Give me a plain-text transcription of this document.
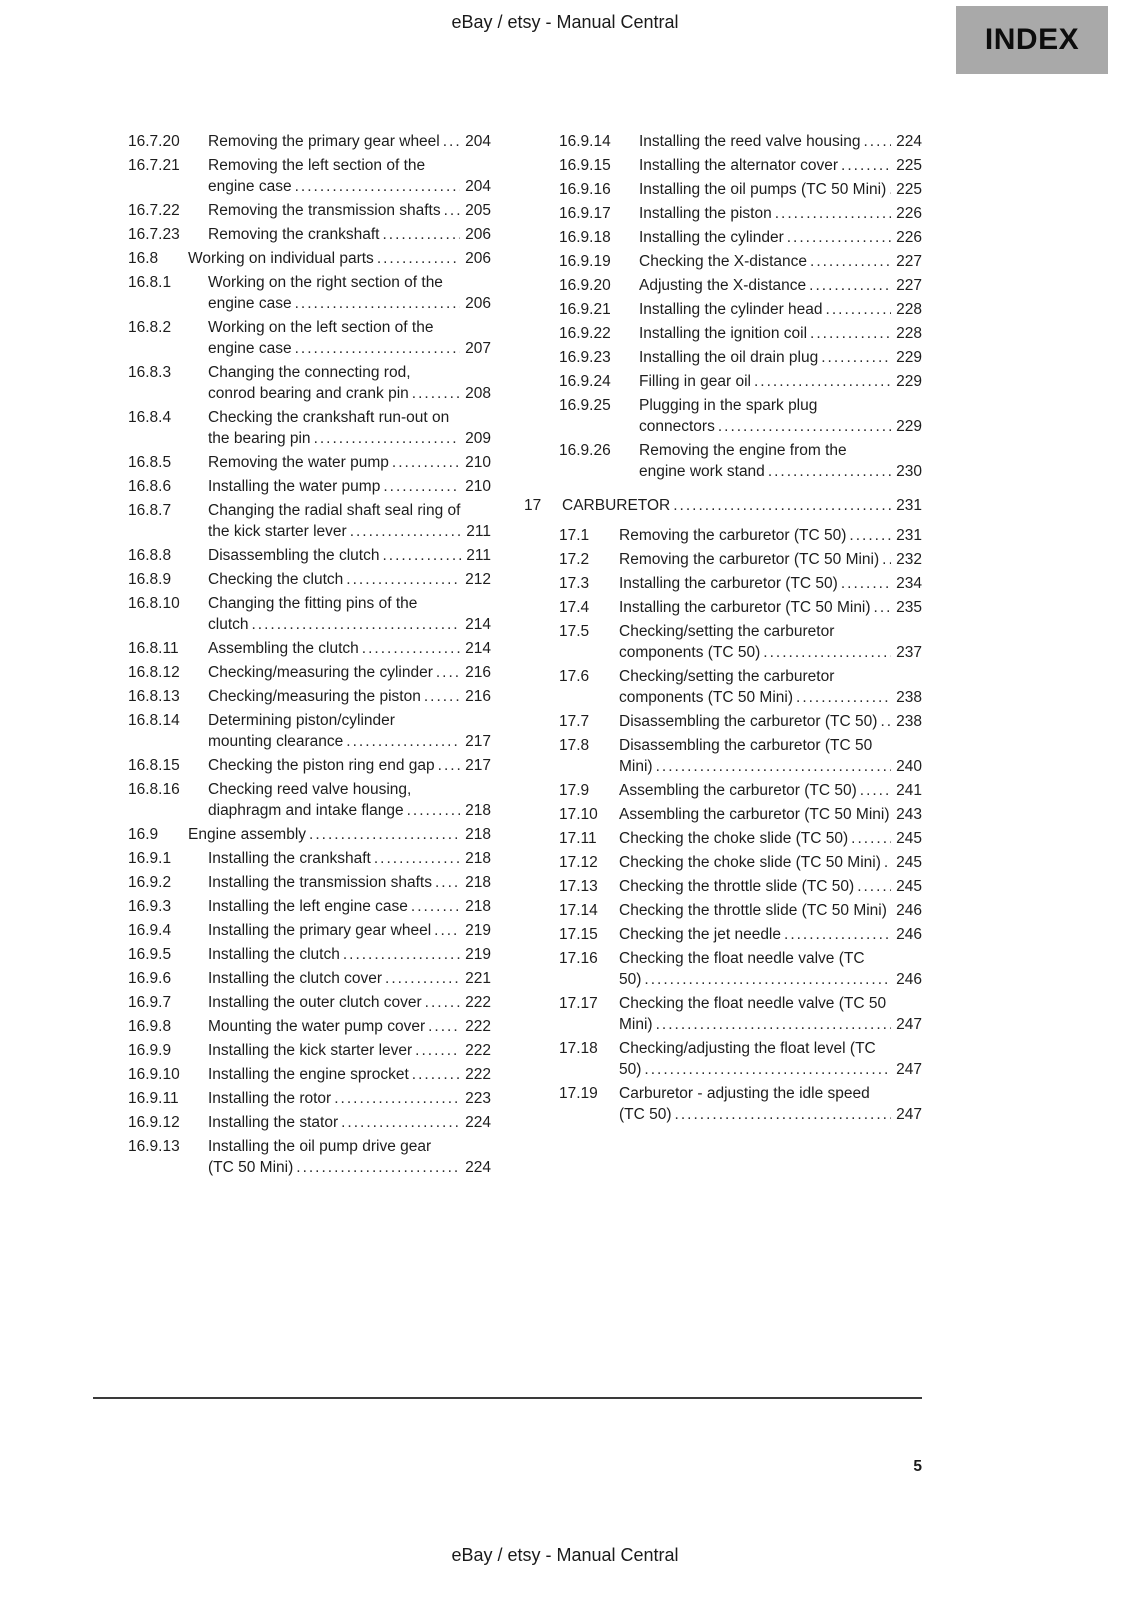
eBay / etsy - Manual Central
INDEX
16.7.20	Removing the primary gear wheel .....	204
16.7.21	Removing the left section of the engine case .....	204
16.7.22	Removing the transmission shafts .....	205
16.7.23	Removing the crankshaft .....	206
16.8	Working on individual parts .....	206
16.8.1	Working on the right section of the engine case .....	206
16.8.2	Working on the left section of the engine case .....	207
16.8.3	Changing the connecting rod, conrod bearing and crank pin .....	208
16.8.4	Checking the crankshaft run-out on the bearing pin .....	209
16.8.5	Removing the water pump .....	210
16.8.6	Installing the water pump .....	210
16.8.7	Changing the radial shaft seal ring of the kick starter lever .....	211
16.8.8	Disassembling the clutch .....	211
16.8.9	Checking the clutch .....	212
16.8.10	Changing the fitting pins of the clutch .....	214
16.8.11	Assembling the clutch .....	214
16.8.12	Checking/measuring the cylinder .....	216
16.8.13	Checking/measuring the piston .....	216
16.8.14	Determining piston/cylinder mounting clearance .....	217
16.8.15	Checking the piston ring end gap .....	217
16.8.16	Checking reed valve housing, diaphragm and intake flange .....	218
16.9	Engine assembly .....	218
16.9.1	Installing the crankshaft .....	218
16.9.2	Installing the transmission shafts .....	218
16.9.3	Installing the left engine case .....	218
16.9.4	Installing the primary gear wheel .....	219
16.9.5	Installing the clutch .....	219
16.9.6	Installing the clutch cover .....	221
16.9.7	Installing the outer clutch cover .....	222
16.9.8	Mounting the water pump cover .....	222
16.9.9	Installing the kick starter lever .....	222
16.9.10	Installing the engine sprocket .....	222
16.9.11	Installing the rotor .....	223
16.9.12	Installing the stator .....	224
16.9.13	Installing the oil pump drive gear (TC 50 Mini) .....	224
16.9.14	Installing the reed valve housing .....	224
16.9.15	Installing the alternator cover .....	225
16.9.16	Installing the oil pumps (TC 50 Mini) ..... 225
16.9.17	Installing the piston .....	226
16.9.18	Installing the cylinder .....	226
16.9.19	Checking the X-distance .....	227
16.9.20	Adjusting the X-distance .....	227
16.9.21	Installing the cylinder head .....	228
16.9.22	Installing the ignition coil .....	228
16.9.23	Installing the oil drain plug .....	229
16.9.24	Filling in gear oil .....	229
16.9.25	Plugging in the spark plug connectors .....	229
16.9.26	Removing the engine from the engine work stand .....	230
17	CARBURETOR .....	231
17.1	Removing the carburetor (TC 50) .....	231
17.2	Removing the carburetor (TC 50 Mini) .....	232
17.3	Installing the carburetor (TC 50) .....	234
17.4	Installing the carburetor (TC 50 Mini) .....	235
17.5	Checking/setting the carburetor components (TC 50) .....	237
17.6	Checking/setting the carburetor components (TC 50 Mini) .....	238
17.7	Disassembling the carburetor (TC 50) .....	238
17.8	Disassembling the carburetor (TC 50 Mini) .....	240
17.9	Assembling the carburetor (TC 50) .....	241
17.10	Assembling the carburetor (TC 50 Mini) ..... 243
17.11	Checking the choke slide (TC 50) .....	245
17.12	Checking the choke slide (TC 50 Mini) ..... 245
17.13	Checking the throttle slide (TC 50) .....	245
17.14	Checking the throttle slide (TC 50 Mini) ..... 246
17.15	Checking the jet needle .....	246
17.16	Checking the float needle valve (TC 50) .....	246
17.17	Checking the float needle valve (TC 50 Mini) .....	247
17.18	Checking/adjusting the float level (TC 50) .....	247
17.19	Carburetor - adjusting the idle speed (TC 50) .....	247
5
eBay / etsy - Manual Central
